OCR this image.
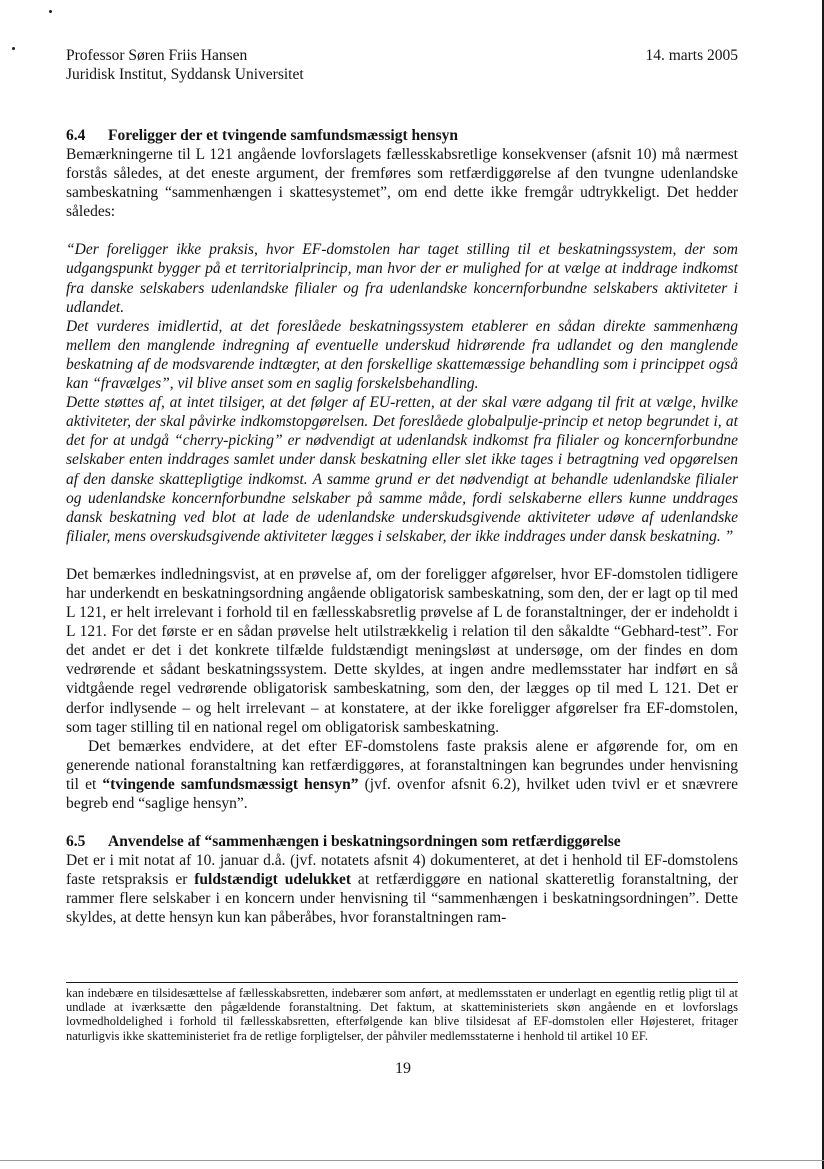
Professor Søren Friis Hansen
Juridisk Institut, Syddansk Universitet
14. marts 2005
6.4 Foreligger der et tvingende samfundsmæssigt hensyn

Bemærkningerne til L 121 angående lovforslagets fællesskabsretlige konsekvenser (afsnit 10) må nærmest forstås således, at det eneste argument, der fremføres som retfærdiggørelse af den tvungne udenlandske sambeskatning “sammenhængen i skattesystemet”, om end dette ikke fremgår udtrykkeligt. Det hedder således:

“Der foreligger ikke praksis, hvor EF-domstolen har taget stilling til et beskatningssystem, der som udgangspunkt bygger på et territorialprincip, man hvor der er mulighed for at vælge at inddrage indkomst fra danske selskabers udenlandske filialer og fra udenlandske koncernforbundne selskabers aktiviteter i udlandet.

Det vurderes imidlertid, at det foreslåede beskatningssystem etablerer en sådan direkte sammenhæng mellem den manglende indregning af eventuelle underskud hidrørende fra udlandet og den manglende beskatning af de modsvarende indtægter, at den forskellige skattemæssige behandling som i princippet også kan “fravælges”, vil blive anset som en saglig forskelsbehandling.

Dette støttes af, at intet tilsiger, at det følger af EU-retten, at der skal være adgang til frit at vælge, hvilke aktiviteter, der skal påvirke indkomstopgørelsen. Det foreslåede globalpulje-princip et netop begrundet i, at det for at undgå “cherry-picking” er nødvendigt at udenlandsk indkomst fra filialer og koncernforbundne selskaber enten inddrages samlet under dansk beskatning eller slet ikke tages i betragtning ved opgørelsen af den danske skattepligtige indkomst. A samme grund er det nødvendigt at behandle udenlandske filialer og udenlandske koncernforbundne selskaber på samme måde, fordi selskaberne ellers kunne unddrages dansk beskatning ved blot at lade de udenlandske underskudsgivende aktiviteter udøve af udenlandske filialer, mens overskudsgivende aktiviteter lægges i selskaber, der ikke inddrages under dansk beskatning. ”

Det bemærkes indledningsvist, at en prøvelse af, om der foreligger afgørelser, hvor EF-domstolen tidligere har underkendt en beskatningsordning angående obligatorisk sambeskatning, som den, der er lagt op til med L 121, er helt irrelevant i forhold til en fællesskabsretlig prøvelse af L de foranstaltninger, der er indeholdt i L 121. For det første er en sådan prøvelse helt utilstrækkelig i relation til den såkaldte “Gebhard-test”. For det andet er det i det konkrete tilfælde fuldstændigt meningsløst at undersøge, om der findes en dom vedrørende et sådant beskatningssystem. Dette skyldes, at ingen andre medlemsstater har indført en så vidtgående regel vedrørende obligatorisk sambeskatning, som den, der lægges op til med L 121. Det er derfor indlysende – og helt irrelevant – at konstatere, at der ikke foreligger afgørelser fra EF-domstolen, som tager stilling til en national regel om obligatorisk sambeskatning.

Det bemærkes endvidere, at det efter EF-domstolens faste praksis alene er afgørende for, om en generende national foranstaltning kan retfærdiggøres, at foranstaltningen kan begrundes under henvisning til et “tvingende samfundsmæssigt hensyn” (jvf. ovenfor afsnit 6.2), hvilket uden tvivl er et snævrere begreb end “saglige hensyn”.

6.5 Anvendelse af “sammenhængen i beskatningsordningen som retfærdiggørelse

Det er i mit notat af 10. januar d.å. (jvf. notatets afsnit 4) dokumenteret, at det i henhold til EF-domstolens faste retspraksis er fuldstændigt udelukket at retfærdiggøre en national skatteretlig foranstaltning, der rammer flere selskaber i en koncern under henvisning til “sammenhængen i beskatningsordningen”. Dette skyldes, at dette hensyn kun kan påberåbes, hvor foranstaltningen ram-

kan indebære en tilsidesættelse af fællesskabsretten, indebærer som anført, at medlemsstaten er underlagt en egentlig retlig pligt til at undlade at iværksætte den pågældende foranstaltning. Det faktum, at skatteministeriets skøn angående en et lovforslags lovmedholdelighed i forhold til fællesskabsretten, efterfølgende kan blive tilsidesat af EF-domstolen eller Højesteret, fritager naturligvis ikke skatteministeriet fra de retlige forpligtelser, der påhviler medlemsstaterne i henhold til artikel 10 EF.
19
